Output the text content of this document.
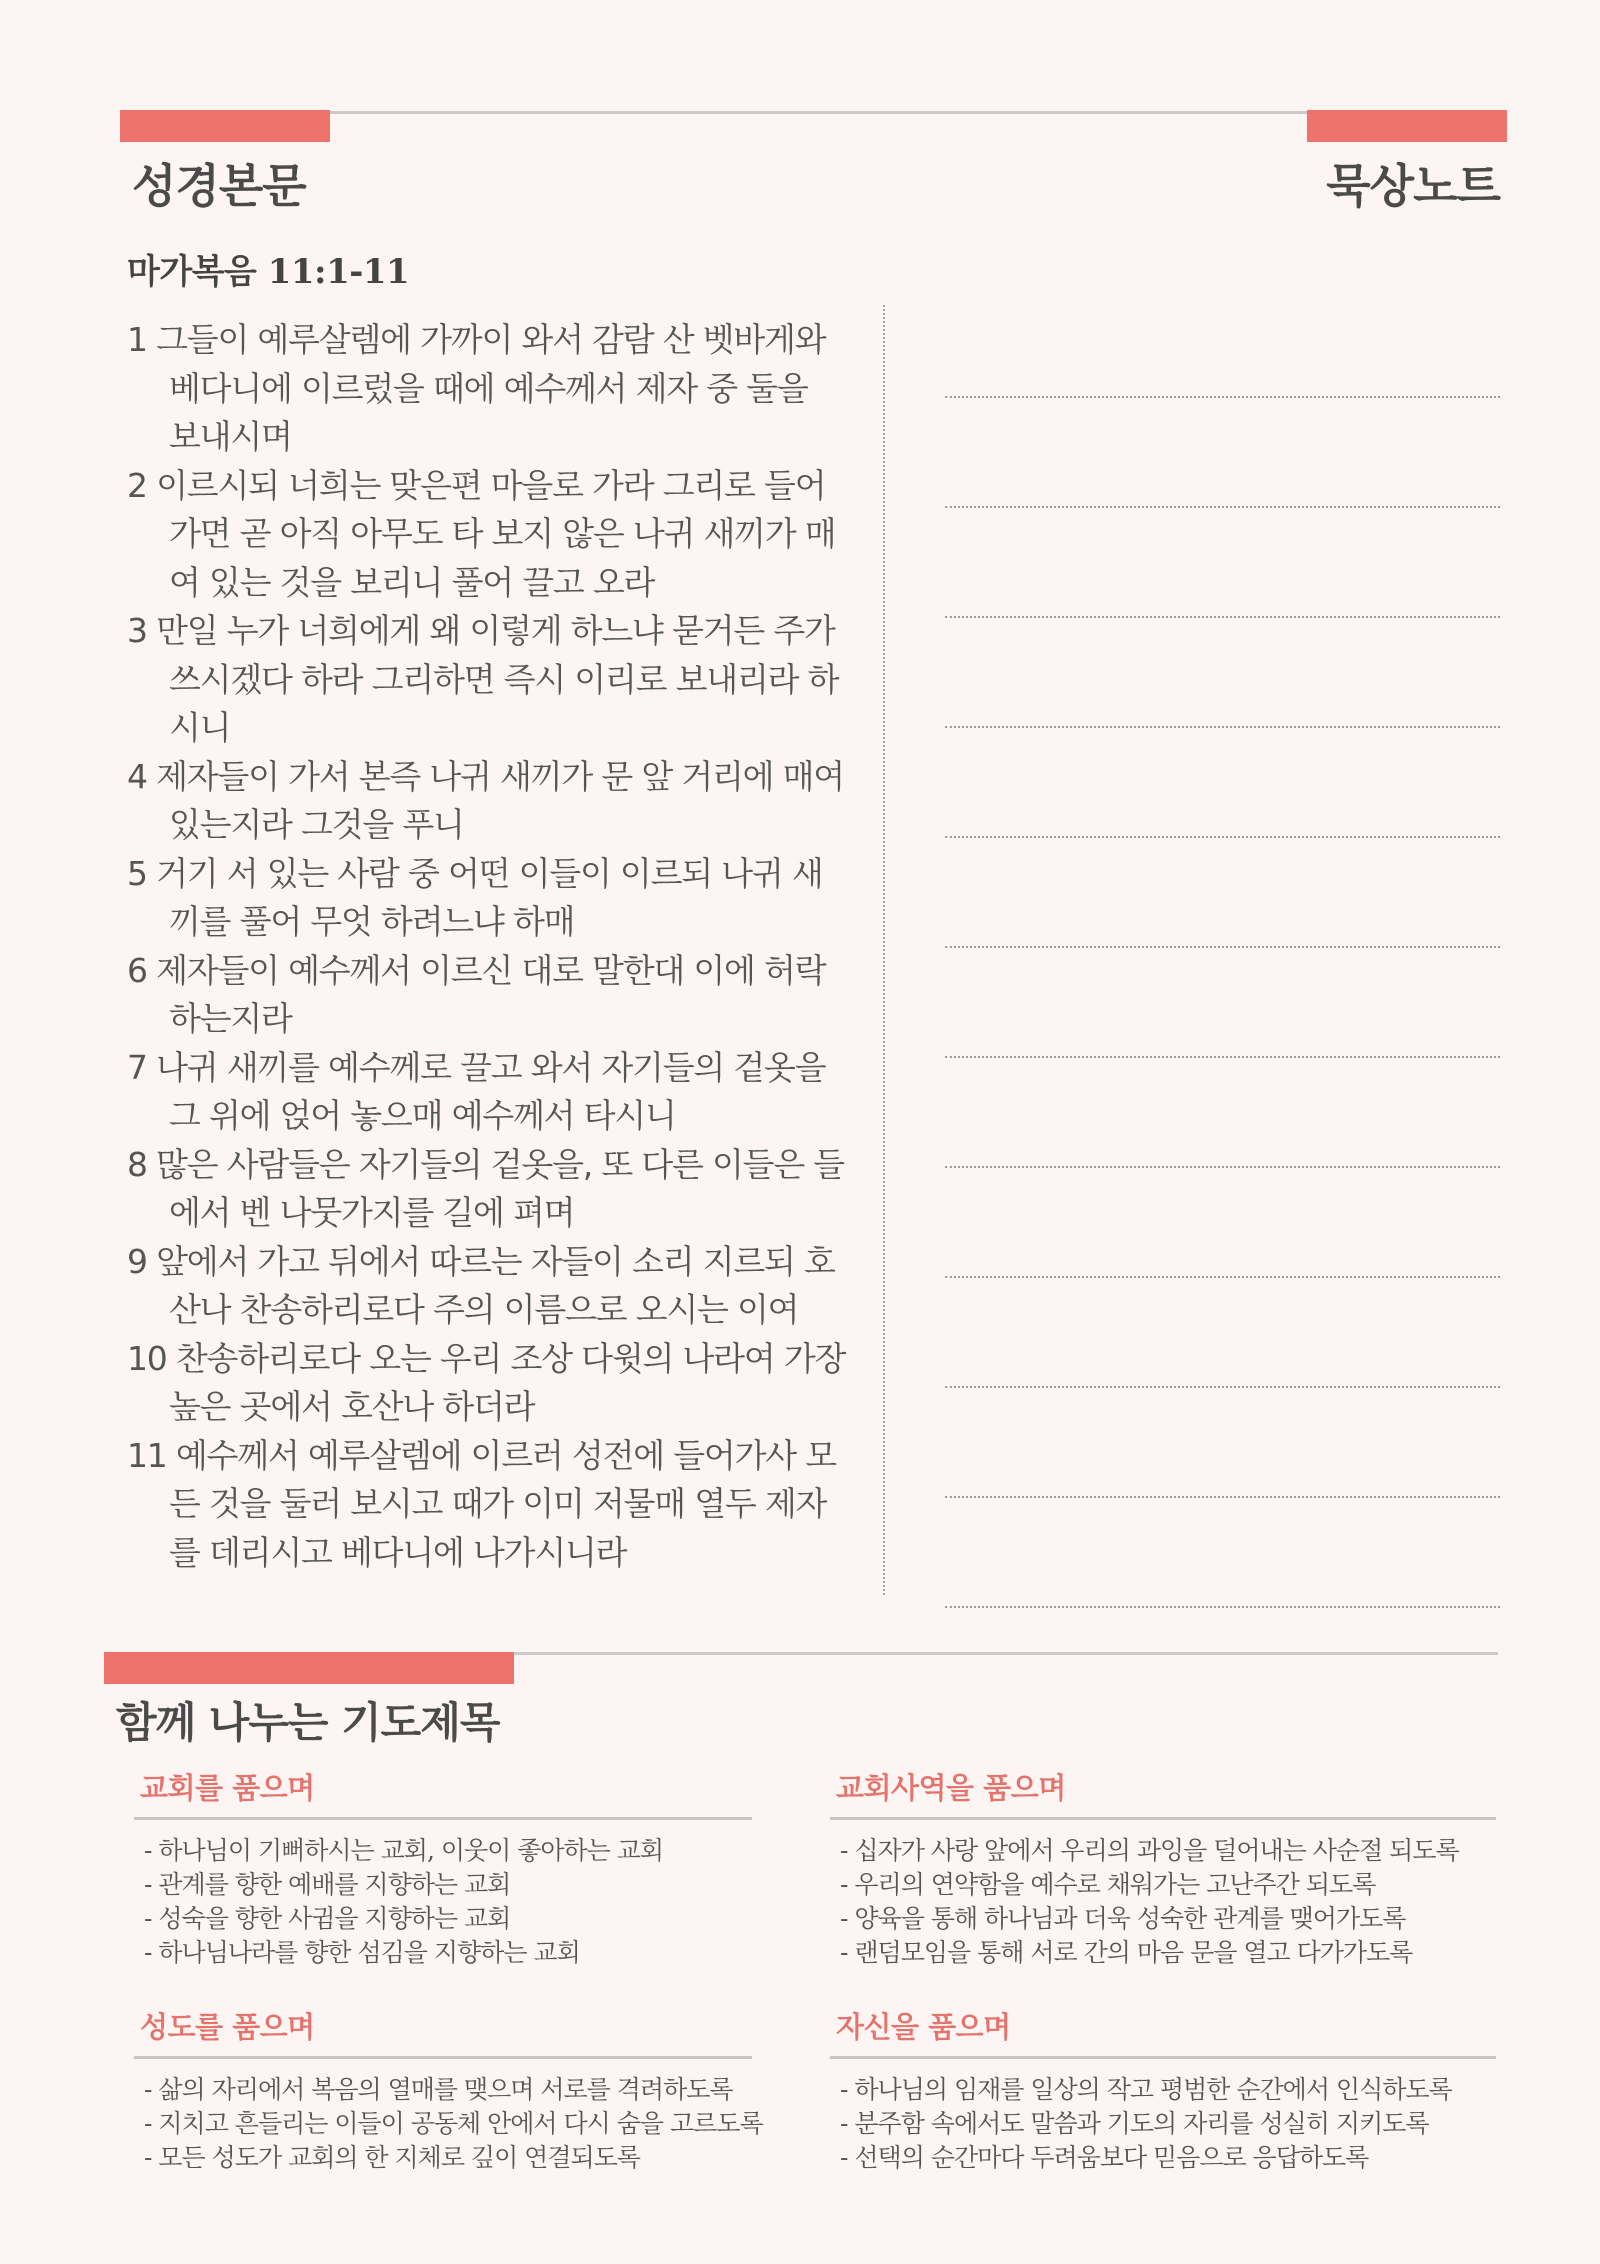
성경본문	묵상노트
마가복음 11:1-11
1 그들이 예루살렘에 가까이 와서 감람 산 벳바게와 베다니에 이르렀을 때에 예수께서 제자 중 둘을 보내시며
2 이르시되 너희는 맞은편 마을로 가라 그리로 들어가면 곧 아직 아무도 타 보지 않은 나귀 새끼가 매여 있는 것을 보리니 풀어 끌고 오라
3 만일 누가 너희에게 왜 이렇게 하느냐 묻거든 주가 쓰시겠다 하라 그리하면 즉시 이리로 보내리라 하시니
4 제자들이 가서 본즉 나귀 새끼가 문 앞 거리에 매여 있는지라 그것을 푸니
5 거기 서 있는 사람 중 어떤 이들이 이르되 나귀 새끼를 풀어 무엇 하려느냐 하매
6 제자들이 예수께서 이르신 대로 말한대 이에 허락하는지라
7 나귀 새끼를 예수께로 끌고 와서 자기들의 겉옷을 그 위에 얹어 놓으매 예수께서 타시니
8 많은 사람들은 자기들의 겉옷을, 또 다른 이들은 들에서 벤 나뭇가지를 길에 펴며
9 앞에서 가고 뒤에서 따르는 자들이 소리 지르되 호산나 찬송하리로다 주의 이름으로 오시는 이여
10 찬송하리로다 오는 우리 조상 다윗의 나라여 가장 높은 곳에서 호산나 하더라
11 예수께서 예루살렘에 이르러 성전에 들어가사 모든 것을 둘러 보시고 때가 이미 저물매 열두 제자를 데리시고 베다니에 나가시니라
함께 나누는 기도제목
교회를 품으며
- 하나님이 기뻐하시는 교회, 이웃이 좋아하는 교회
- 관계를 향한 예배를 지향하는 교회
- 성숙을 향한 사귐을 지향하는 교회
- 하나님나라를 향한 섬김을 지향하는 교회
교회사역을 품으며
- 십자가 사랑 앞에서 우리의 과잉을 덜어내는 사순절 되도록
- 우리의 연약함을 예수로 채워가는 고난주간 되도록
- 양육을 통해 하나님과 더욱 성숙한 관계를 맺어가도록
- 랜덤모임을 통해 서로 간의 마음 문을 열고 다가가도록
성도를 품으며
- 삶의 자리에서 복음의 열매를 맺으며 서로를 격려하도록
- 지치고 흔들리는 이들이 공동체 안에서 다시 숨을 고르도록
- 모든 성도가 교회의 한 지체로 깊이 연결되도록
자신을 품으며
- 하나님의 임재를 일상의 작고 평범한 순간에서 인식하도록
- 분주함 속에서도 말씀과 기도의 자리를 성실히 지키도록
- 선택의 순간마다 두려움보다 믿음으로 응답하도록
